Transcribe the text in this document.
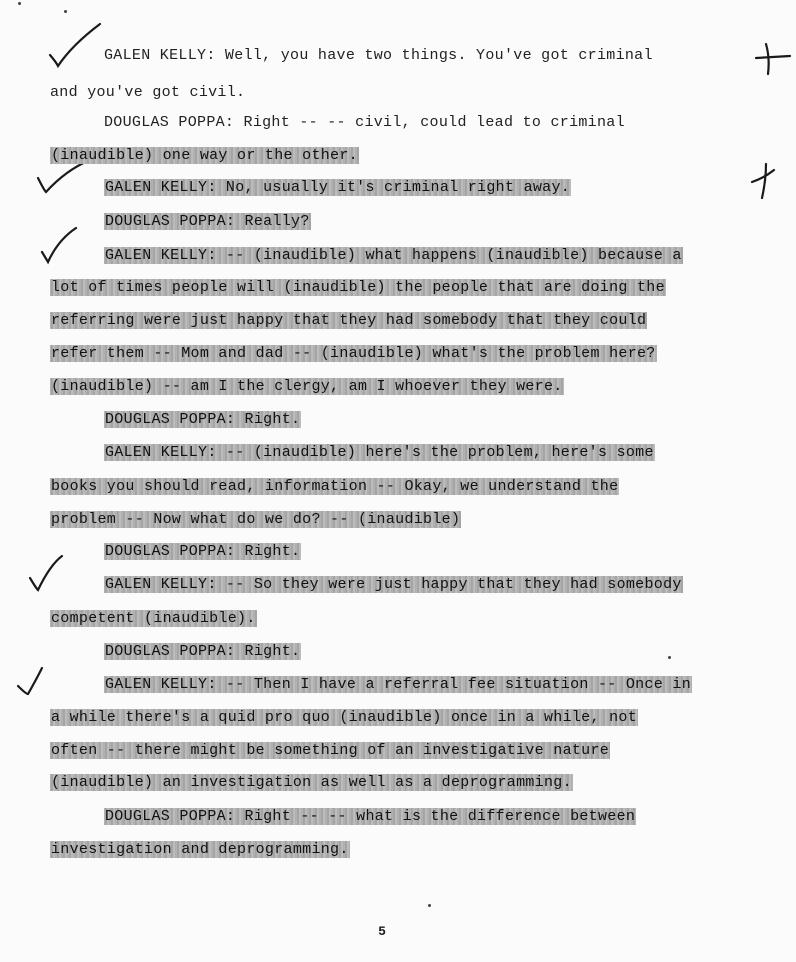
GALEN KELLY: Well, you have two things. You've got criminal
and you've got civil.
DOUGLAS POPPA: Right -- -- civil, could lead to criminal
(inaudible) one way or the other.
GALEN KELLY: No, usually it's criminal right away.
DOUGLAS POPPA: Really?
GALEN KELLY: -- (inaudible) what happens (inaudible) because a
lot of times people will (inaudible) the people that are doing the
referring were just happy that they had somebody that they could
refer them -- Mom and dad -- (inaudible) what's the problem here?
(inaudible) -- am I the clergy, am I whoever they were.
DOUGLAS POPPA: Right.
GALEN KELLY: -- (inaudible) here's the problem, here's some
books you should read, information -- Okay, we understand the
problem -- Now what do we do? -- (inaudible)
DOUGLAS POPPA: Right.
GALEN KELLY: -- So they were just happy that they had somebody
competent (inaudible).
DOUGLAS POPPA: Right.
GALEN KELLY: -- Then I have a referral fee situation -- Once in
a while there's a quid pro quo (inaudible) once in a while, not
often -- there might be something of an investigative nature
(inaudible) an investigation as well as a deprogramming.
DOUGLAS POPPA: Right -- -- what is the difference between
investigation and deprogramming.
5
